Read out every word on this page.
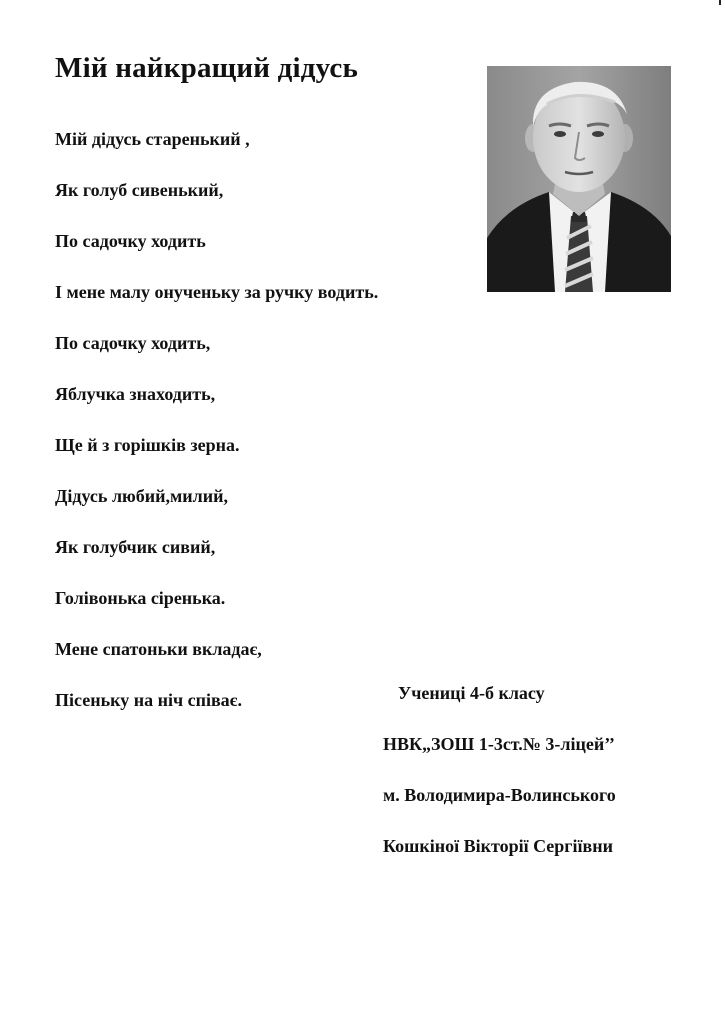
Мій найкращий дідусь
Мій дідусь старенький ,
Як голуб сивенький,
По садочку ходить
І мене малу онученьку за ручку водить.
По садочку ходить,
Яблучка знаходить,
Ще й з горішків зерна.
Дідусь любий,милий,
Як голубчик сивий,
Голівонька сіренька.
Мене спатоньки вкладає,
Пісеньку на ніч співає.	Учениці 4-б класу
НВК„ЗОШ 1-3ст.№ 3-ліцей’’
м. Володимира-Волинського
Кошкіної Вікторії Сергіївни
